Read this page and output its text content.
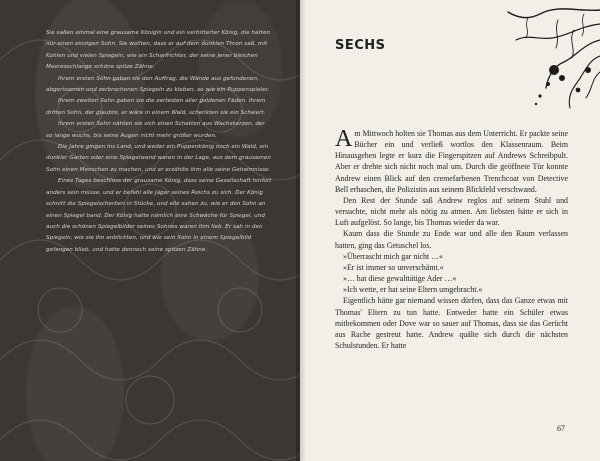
Sie saßen einmal eine grausame Königin und ein verbitterter König, die hatten nur einen einzigen Sohn. Sie wollten, dass er auf dem dunklen Thron saß, mit Kohlen und vielen Spiegeln, wie ein Scharfrichter, der seine jener bleichen Meeresschlange schöne spitze Zähne.

Ihrem ersten Sohn gaben sie den Auftrag, die Wände aus gefundenen, abgerissenen und zerbrochenen Spiegeln zu kleben, so wie ein Puppenspieler.

Ihrem zweiten Sohn gaben sie die zartesten aller goldenen Fäden. Ihrem dritten Sohn, der glaubte, er wäre in einem Wald, schenkten sie ein Schwert.

Ihrem ersten Sohn nähten sie sich einen Schatten aus Wachskerzen, der so lange wuchs, bis seine Augen nicht mehr größer wurden.

Die Jahre gingen ins Land, und weder ein Puppenkönig noch ein Wald, ein dunkler Garten oder eine Spiegelwand waren in der Lage, aus dem grausamen Sohn einen Menschen zu machen, und er erzählte ihm alle seine Geheimnisse.

Eines Tages beschloss der grausame König, dass seine Gesellschaft hinfort anders sein müsse, und er befahl alle Jäger seines Reichs zu sich. Der König schnitt die Spiegelscherben in Stücke, und alle sahen zu, wie er den Sohn an einen Spiegel band. Der König hatte nämlich eine Schwäche für Spiegel, und auch die schönen Spiegelbilder seines Sohnes waren ihm lieb. Er sah in den Spiegeln, wie sie ihn anblickten, und wie sein Sohn in einem Spiegelbild gefangen blieb, und hatte dennoch seine spitzen Zähne.

SECHS

Am Mittwoch holten sie Thomas aus dem Unterricht. Er packte seine Bücher ein und verließ wortlos den Klassenraum. Beim Hinausgehen legte er kurz die Fingerspitzen auf Andrews Schreibpult. Aber er drehte sich nicht noch mal um. Durch die geöffnete Tür konnte Andrew einen Blick auf den cremefarbenen Trenchcoat von Detective Bell erhaschen, die Polizistin aus seinem Blickfeld verschwand.

Den Rest der Stunde saß Andrew reglos auf seinem Stuhl und versuchte, nicht mehr als nötig zu atmen. Am liebsten hätte er sich in Luft aufgelöst. So lange, bis Thomas wieder da war.

Kaum dass die Stunde zu Ende war und alle den Raum verlassen hatten, ging das Getuschel los.

»Überrascht mich gar nicht …«

»Er ist immer so unverschämt.«

»… hat diese gewalttätige Ader …«

»Ich wette, er hat seine Eltern umgebracht.«

Eigentlich hätte gar niemand wissen dürfen, dass das Ganze etwas mit Thomas' Eltern zu tun hatte. Entweder hatte ein Schüler etwas mitbekommen oder Dove war so sauer auf Thomas, dass sie das Gerücht aus Rache gestreut hatte. Andrew quälte sich durch die nächsten Schulstunden. Er hatte

67
